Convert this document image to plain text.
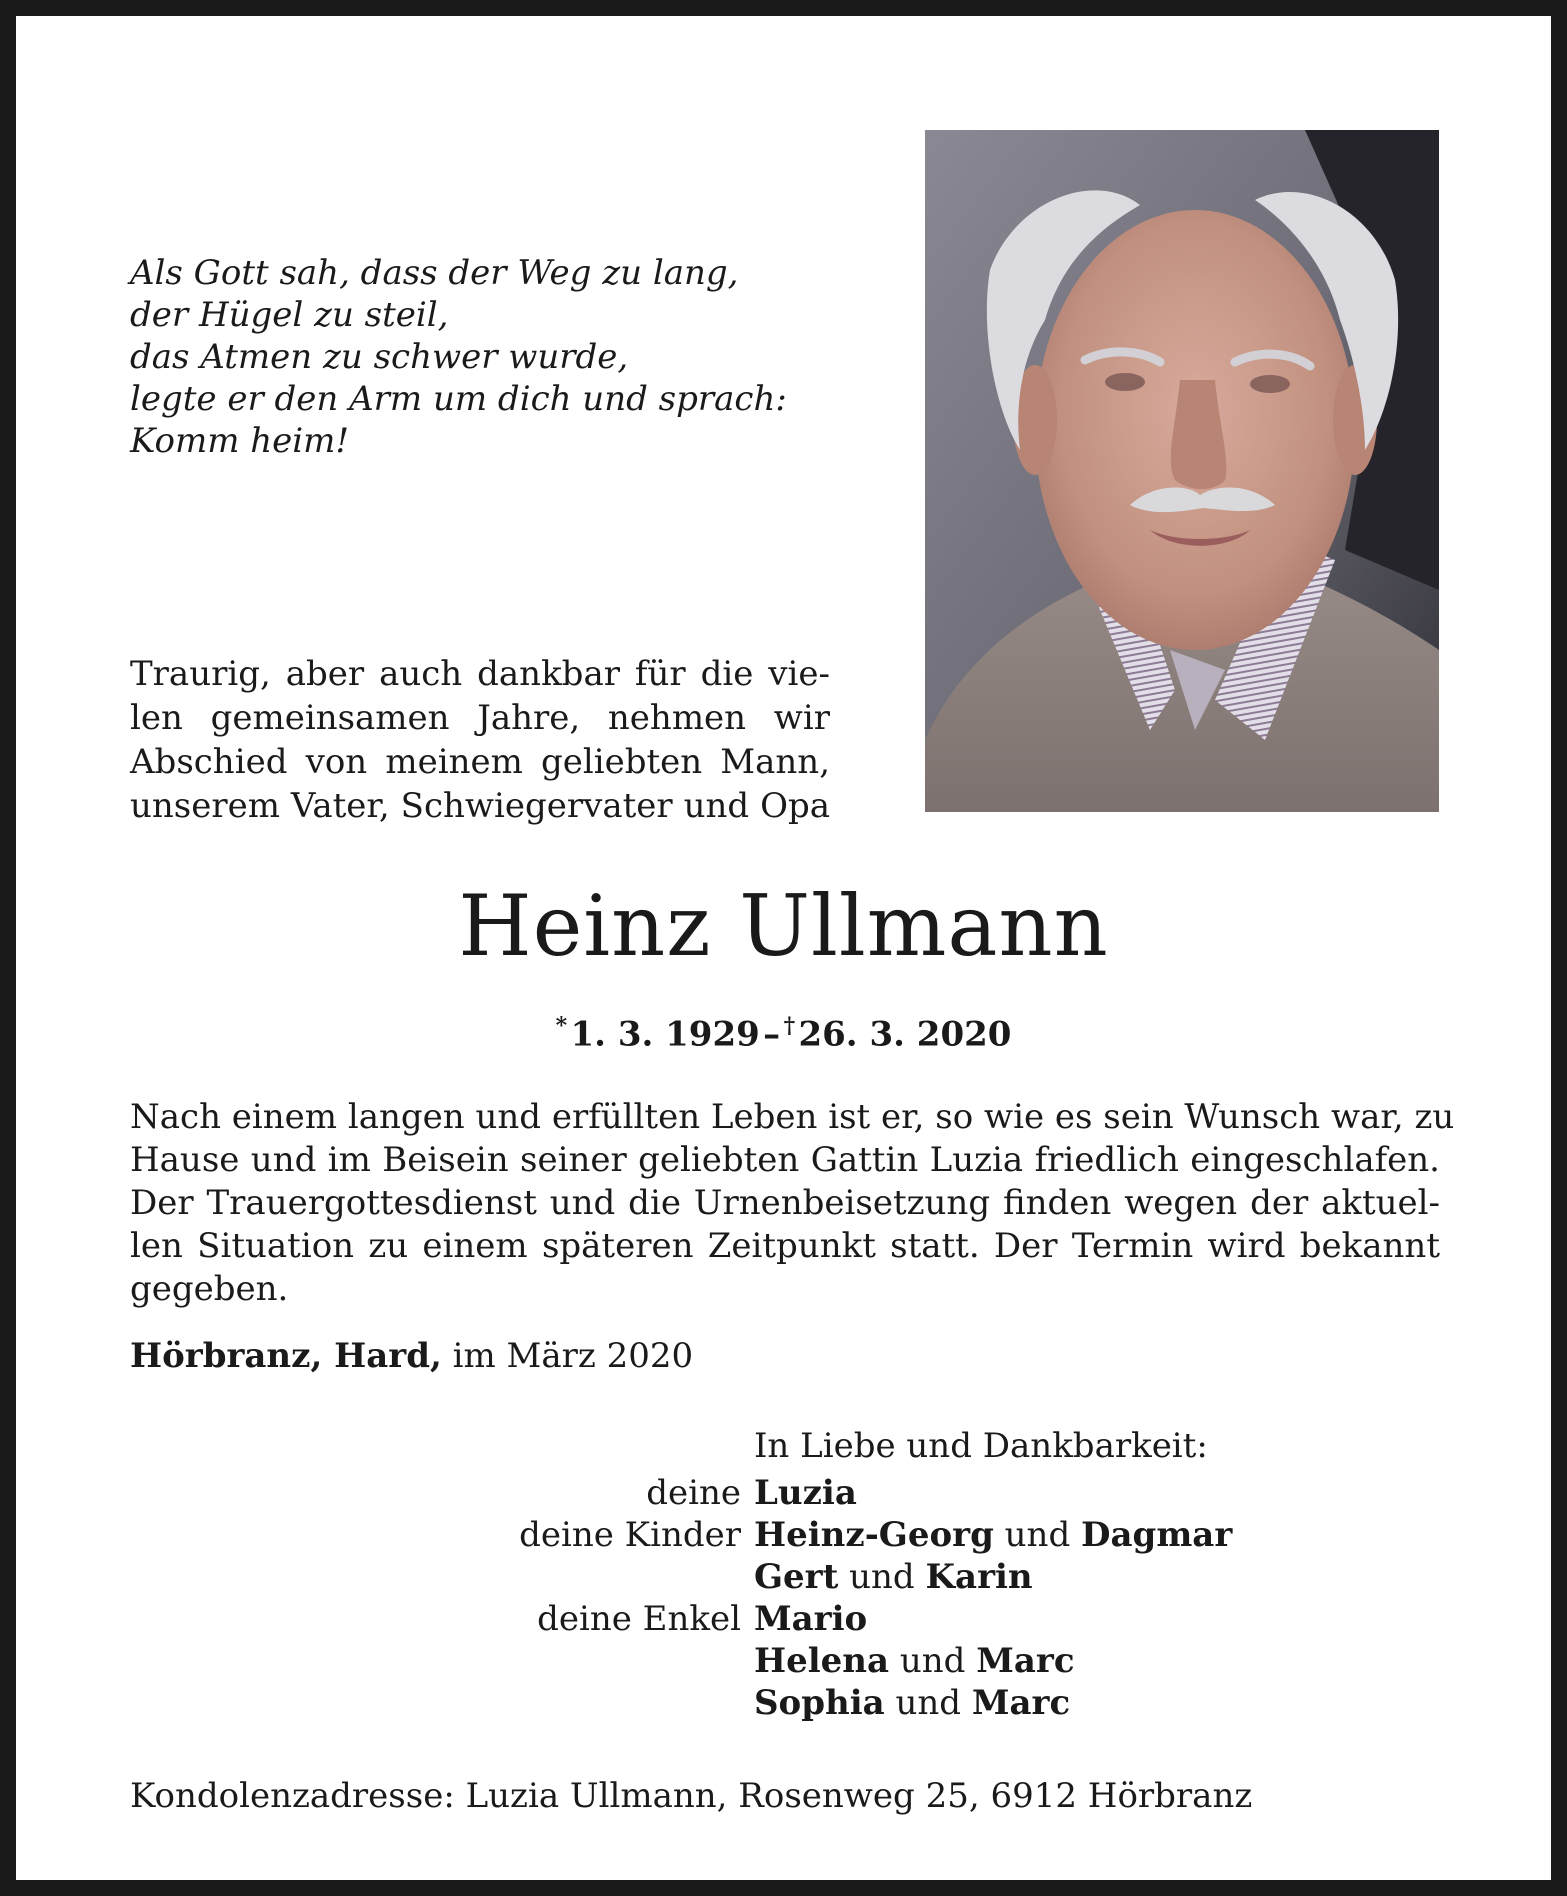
Als Gott sah, dass der Weg zu lang,
der Hügel zu steil,
das Atmen zu schwer wurde,
legte er den Arm um dich und sprach:
Komm heim!
Traurig, aber auch dankbar für die vie-
len gemeinsamen Jahre, nehmen wir
Abschied von meinem geliebten Mann,
unserem Vater, Schwiegervater und Opa
Heinz Ullmann
* 1. 3. 1929 –  † 26. 3. 2020
Nach einem langen und erfüllten Leben ist er, so wie es sein Wunsch war, zu
Hause und im Beisein seiner geliebten Gattin Luzia friedlich eingeschlafen.
Der Trauergottesdienst und die Urnenbeisetzung finden wegen der aktuel-
len Situation zu einem späteren Zeitpunkt statt. Der Termin wird bekannt
gegeben.
Hörbranz, Hard, im März 2020
In Liebe und Dankbarkeit:
deine Luzia
deine Kinder Heinz-Georg und Dagmar
Gert und Karin
deine Enkel Mario
Helena und Marc
Sophia und Marc
Kondolenzadresse: Luzia Ullmann, Rosenweg 25, 6912 Hörbranz
